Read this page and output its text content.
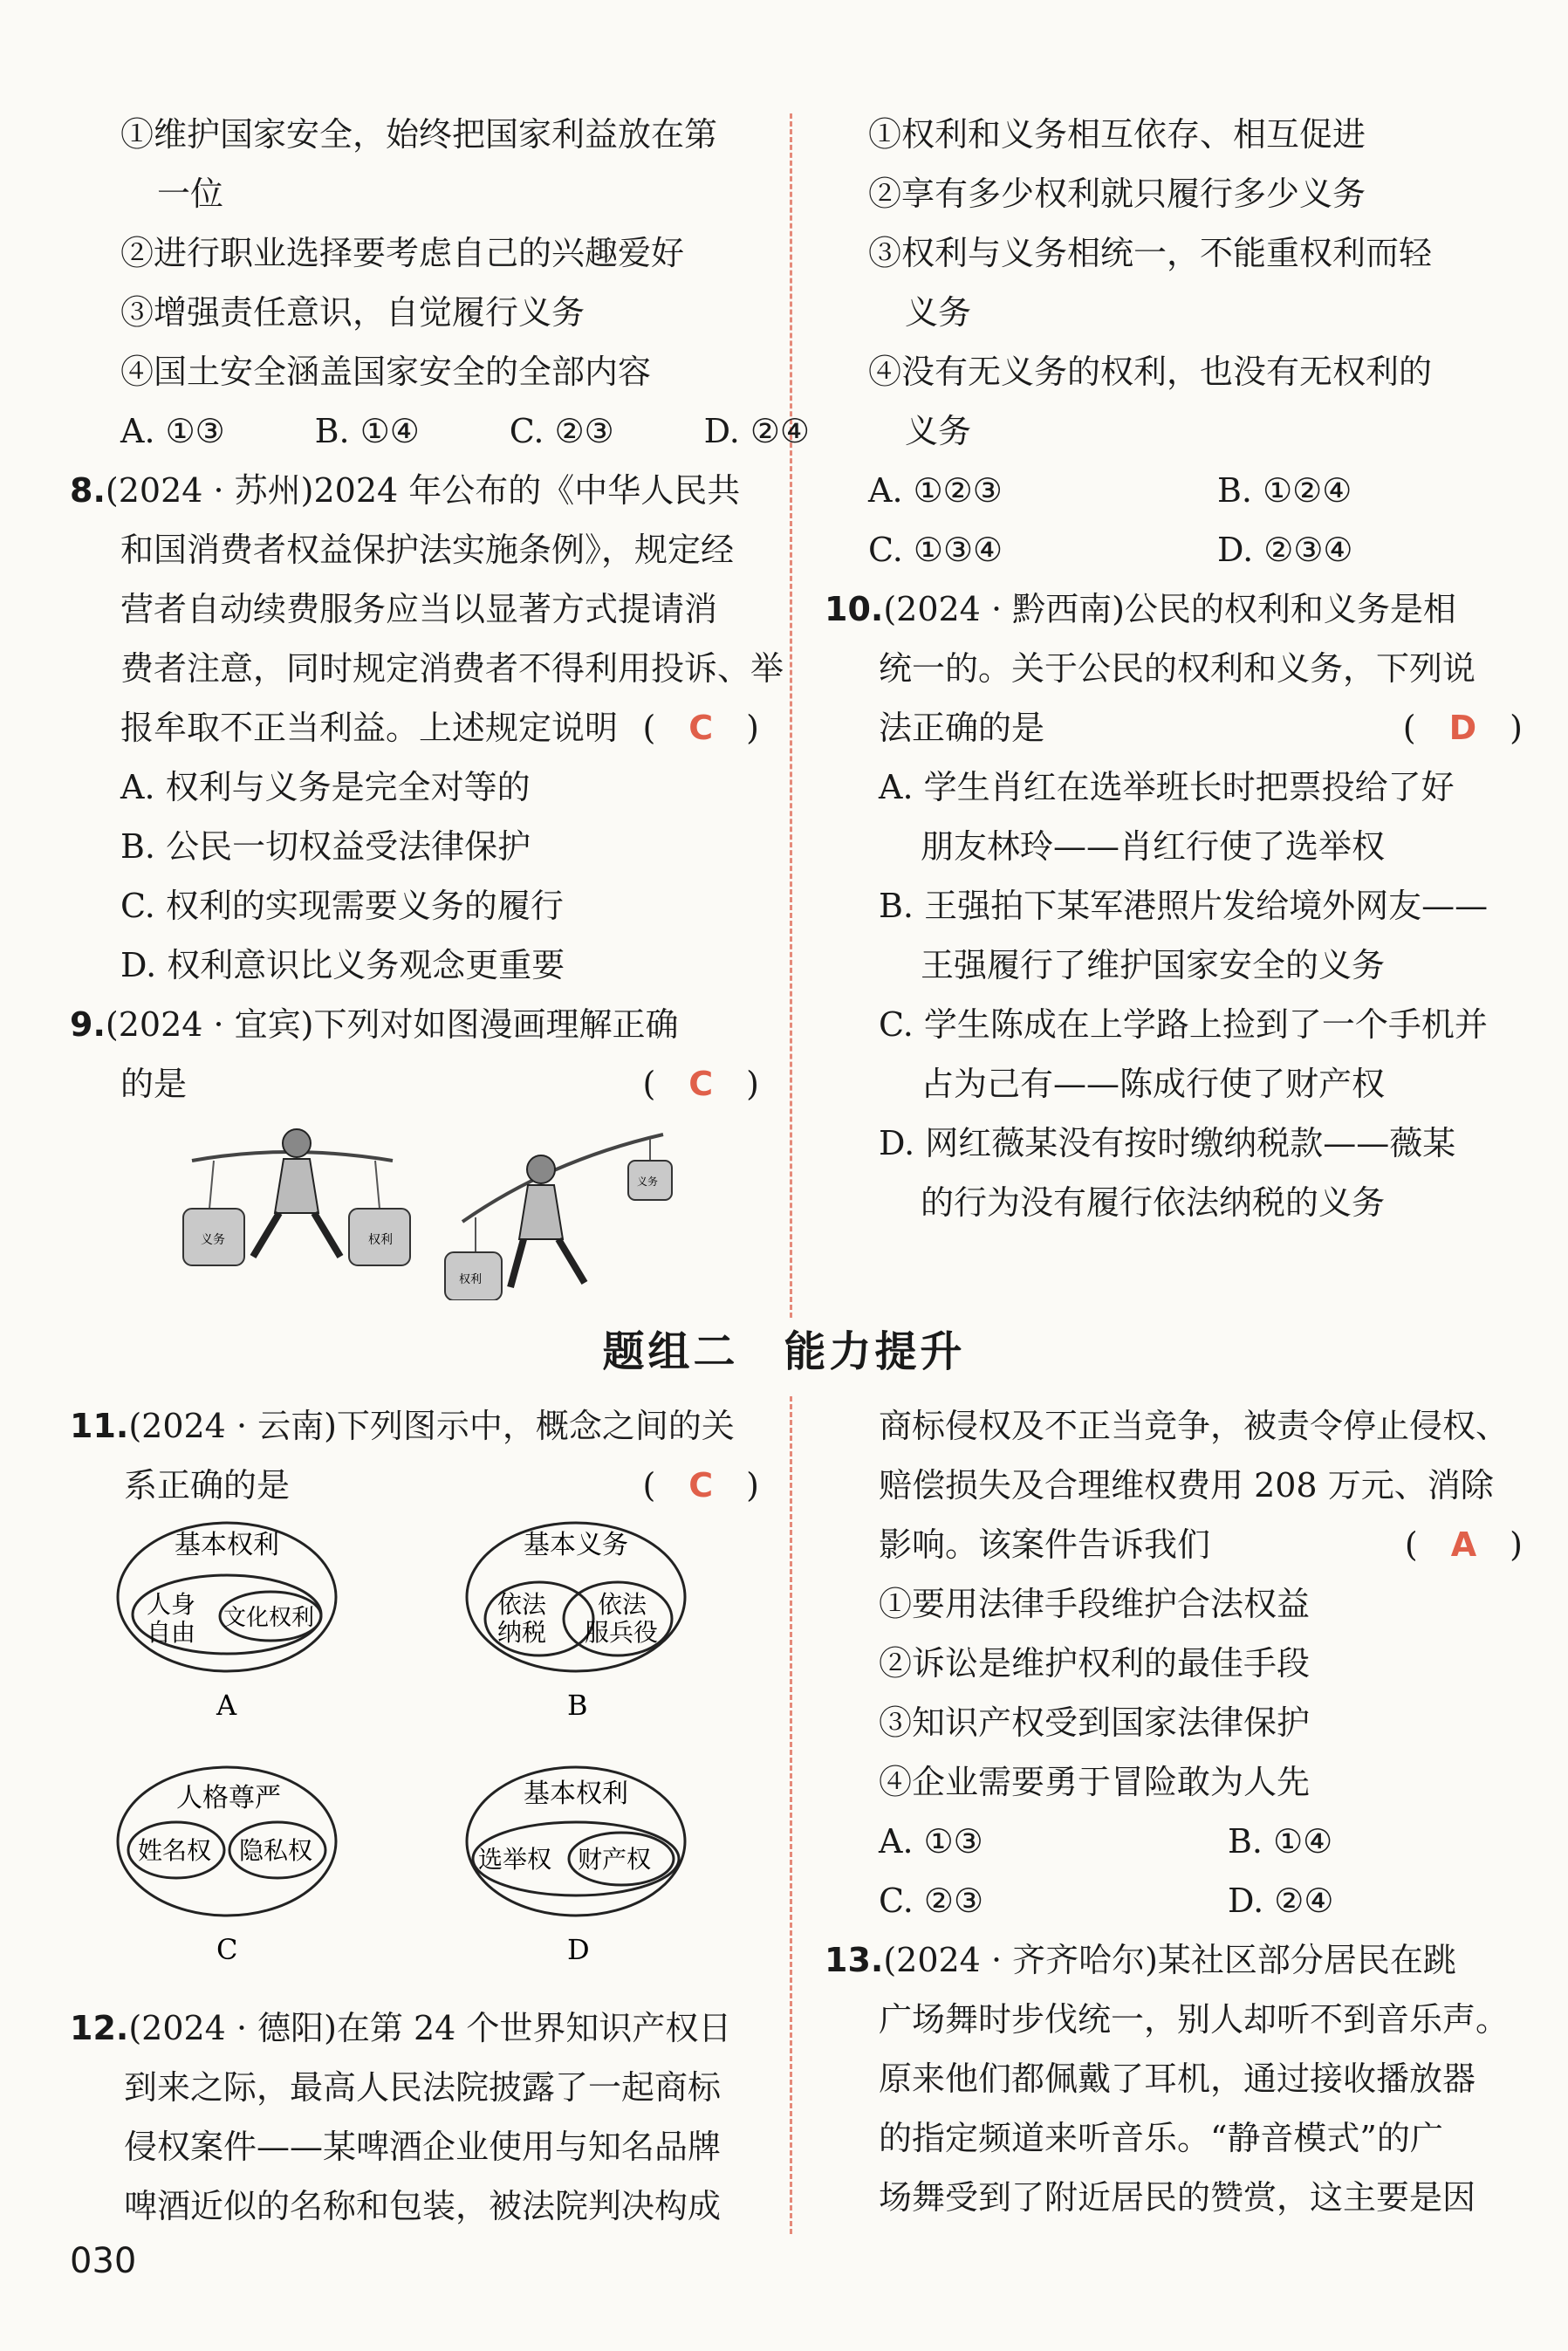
①维护国家安全，始终把国家利益放在第
一位
②进行职业选择要考虑自己的兴趣爱好
③增强责任意识，自觉履行义务
④国土安全涵盖国家安全的全部内容
A. ①③	B. ①④	C. ②③	D. ②④
8.(2024 · 苏州)2024 年公布的《中华人民共
和国消费者权益保护法实施条例》，规定经
营者自动续费服务应当以显著方式提请消
费者注意，同时规定消费者不得利用投诉、举
报牟取不正当利益。上述规定说明 (　C　)
A. 权利与义务是完全对等的
B. 公民一切权益受法律保护
C. 权利的实现需要义务的履行
D. 权利意识比义务观念更重要
9.(2024 · 宜宾)下列对如图漫画理解正确
的是	(　C　)
义务	权利
权利
义务
①权利和义务相互依存、相互促进
②享有多少权利就只履行多少义务
③权利与义务相统一，不能重权利而轻
义务
④没有无义务的权利，也没有无权利的
义务
A. ①②③	B. ①②④
C. ①③④	D. ②③④
10.(2024 · 黔西南)公民的权利和义务是相
统一的。关于公民的权利和义务，下列说
法正确的是	(　D　)
A. 学生肖红在选举班长时把票投给了好
朋友林玲——肖红行使了选举权
B. 王强拍下某军港照片发给境外网友——
王强履行了维护国家安全的义务
C. 学生陈成在上学路上捡到了一个手机并
占为己有——陈成行使了财产权
D. 网红薇某没有按时缴纳税款——薇某
的行为没有履行依法纳税的义务
题组二　能力提升
11.(2024 · 云南)下列图示中，概念之间的关
系正确的是	(　C　)
基本权利
人身
自由 文化权利
A
基本义务
依法
纳税
依法
服兵役
B
人格尊严
姓名权 隐私权
C
基本权利
选举权 财产权
D
12.(2024 · 德阳)在第 24 个世界知识产权日
到来之际，最高人民法院披露了一起商标
侵权案件——某啤酒企业使用与知名品牌
啤酒近似的名称和包装，被法院判决构成
商标侵权及不正当竞争，被责令停止侵权、
赔偿损失及合理维权费用 208 万元、消除
影响。该案件告诉我们	(　A　)
①要用法律手段维护合法权益
②诉讼是维护权利的最佳手段
③知识产权受到国家法律保护
④企业需要勇于冒险敢为人先
A. ①③	B. ①④
C. ②③	D. ②④
13.(2024 · 齐齐哈尔)某社区部分居民在跳
广场舞时步伐统一，别人却听不到音乐声。
原来他们都佩戴了耳机，通过接收播放器
的指定频道来听音乐。“静音模式”的广
场舞受到了附近居民的赞赏，这主要是因
030
